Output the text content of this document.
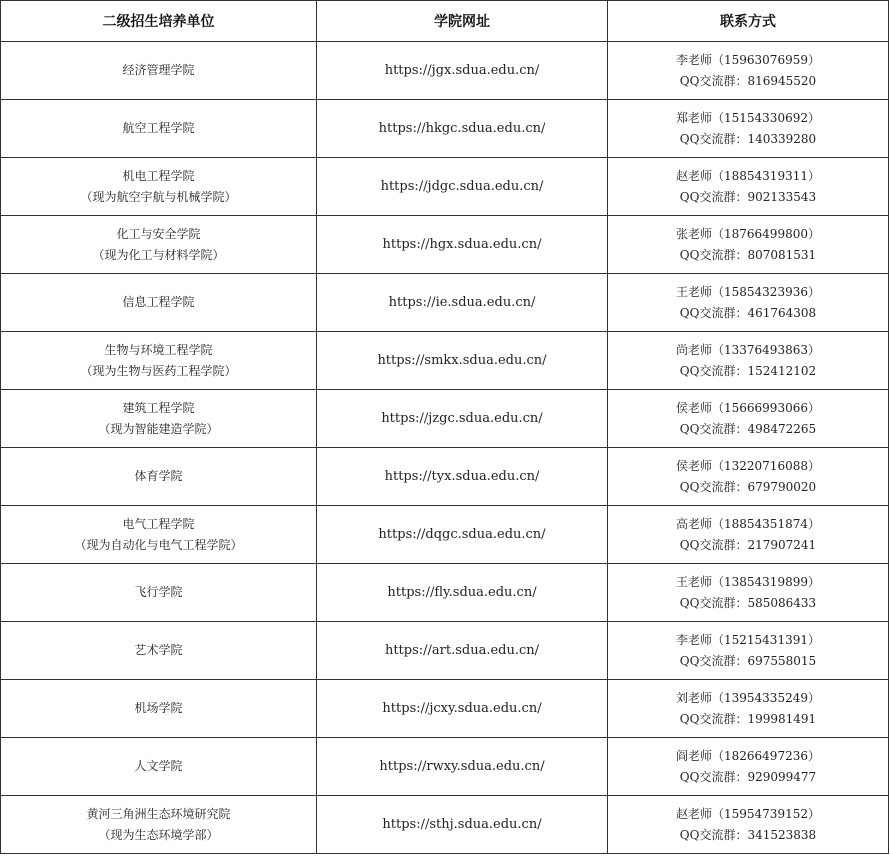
二级招生培养单位	学院网址	联系方式

经济管理学院	https://jgx.sdua.edu.cn/	李老师（15963076959）
QQ交流群：816945520

航空工程学院	https://hkgc.sdua.edu.cn/	郑老师（15154330692）
QQ交流群：140339280

机电工程学院
（现为航空宇航与机械学院）	https://jdgc.sdua.edu.cn/	赵老师（18854319311）
QQ交流群：902133543

化工与安全学院
（现为化工与材料学院）	https://hgx.sdua.edu.cn/	张老师（18766499800）
QQ交流群：807081531

信息工程学院	https://ie.sdua.edu.cn/	王老师（15854323936）
QQ交流群：461764308

生物与环境工程学院
（现为生物与医药工程学院）	https://smkx.sdua.edu.cn/	尚老师（13376493863）
QQ交流群：152412102

建筑工程学院
（现为智能建造学院）	https://jzgc.sdua.edu.cn/	侯老师（15666993066）
QQ交流群：498472265

体育学院	https://tyx.sdua.edu.cn/	侯老师（13220716088）
QQ交流群：679790020

电气工程学院
（现为自动化与电气工程学院）	https://dqgc.sdua.edu.cn/	高老师（18854351874）
QQ交流群：217907241

飞行学院	https://fly.sdua.edu.cn/	王老师（13854319899）
QQ交流群：585086433

艺术学院	https://art.sdua.edu.cn/	李老师（15215431391）
QQ交流群：697558015

机场学院	https://jcxy.sdua.edu.cn/	刘老师（13954335249）
QQ交流群：199981491

人文学院	https://rwxy.sdua.edu.cn/	阎老师（18266497236）
QQ交流群：929099477

黄河三角洲生态环境研究院
（现为生态环境学部）	https://sthj.sdua.edu.cn/	赵老师（15954739152）
QQ交流群：341523838
